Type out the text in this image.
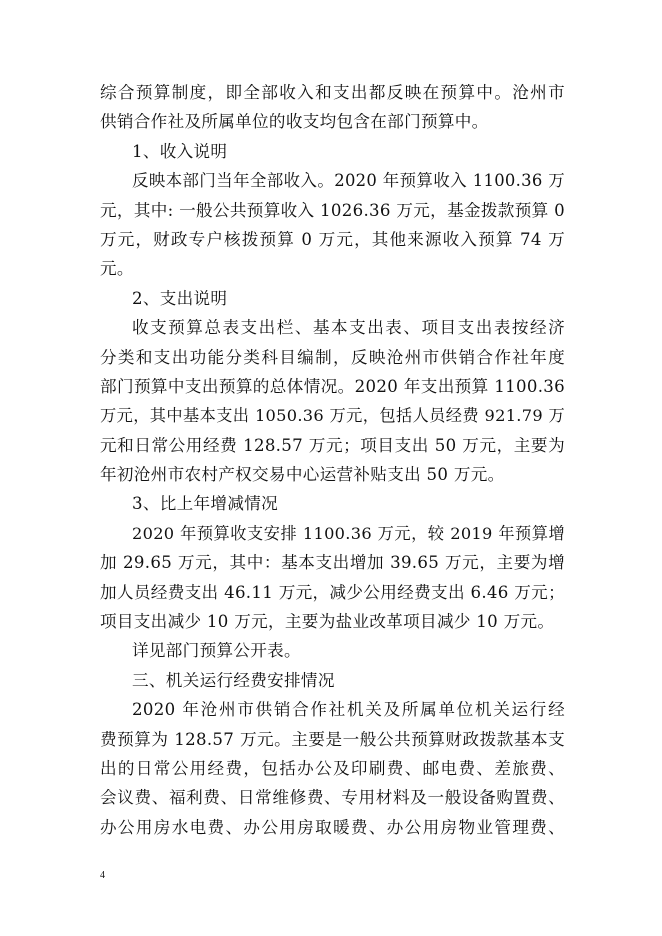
综合预算制度，即全部收入和支出都反映在预算中。沧州市
供销合作社及所属单位的收支均包含在部门预算中。
1、收入说明
反映本部门当年全部收入。2020 年预算收入 1100.36 万
元，其中: 一般公共预算收入 1026.36 万元，基金拨款预算 0
万元，财政专户核拨预算 0 万元，其他来源收入预算 74 万
元。
2、支出说明
收支预算总表支出栏、基本支出表、项目支出表按经济
分类和支出功能分类科目编制，反映沧州市供销合作社年度
部门预算中支出预算的总体情况。2020 年支出预算 1100.36
万元，其中基本支出 1050.36 万元，包括人员经费 921.79 万
元和日常公用经费 128.57 万元；项目支出 50 万元，主要为
年初沧州市农村产权交易中心运营补贴支出 50 万元。
3、比上年增减情况
2020 年预算收支安排 1100.36 万元，较 2019 年预算增
加 29.65 万元，其中：基本支出增加 39.65 万元，主要为增
加人员经费支出 46.11 万元，减少公用经费支出 6.46 万元；
项目支出减少 10 万元，主要为盐业改革项目减少 10 万元。
详见部门预算公开表。
三、机关运行经费安排情况
2020 年沧州市供销合作社机关及所属单位机关运行经
费预算为 128.57 万元。主要是一般公共预算财政拨款基本支
出的日常公用经费，包括办公及印刷费、邮电费、差旅费、
会议费、福利费、日常维修费、专用材料及一般设备购置费、
办公用房水电费、办公用房取暖费、办公用房物业管理费、
4
